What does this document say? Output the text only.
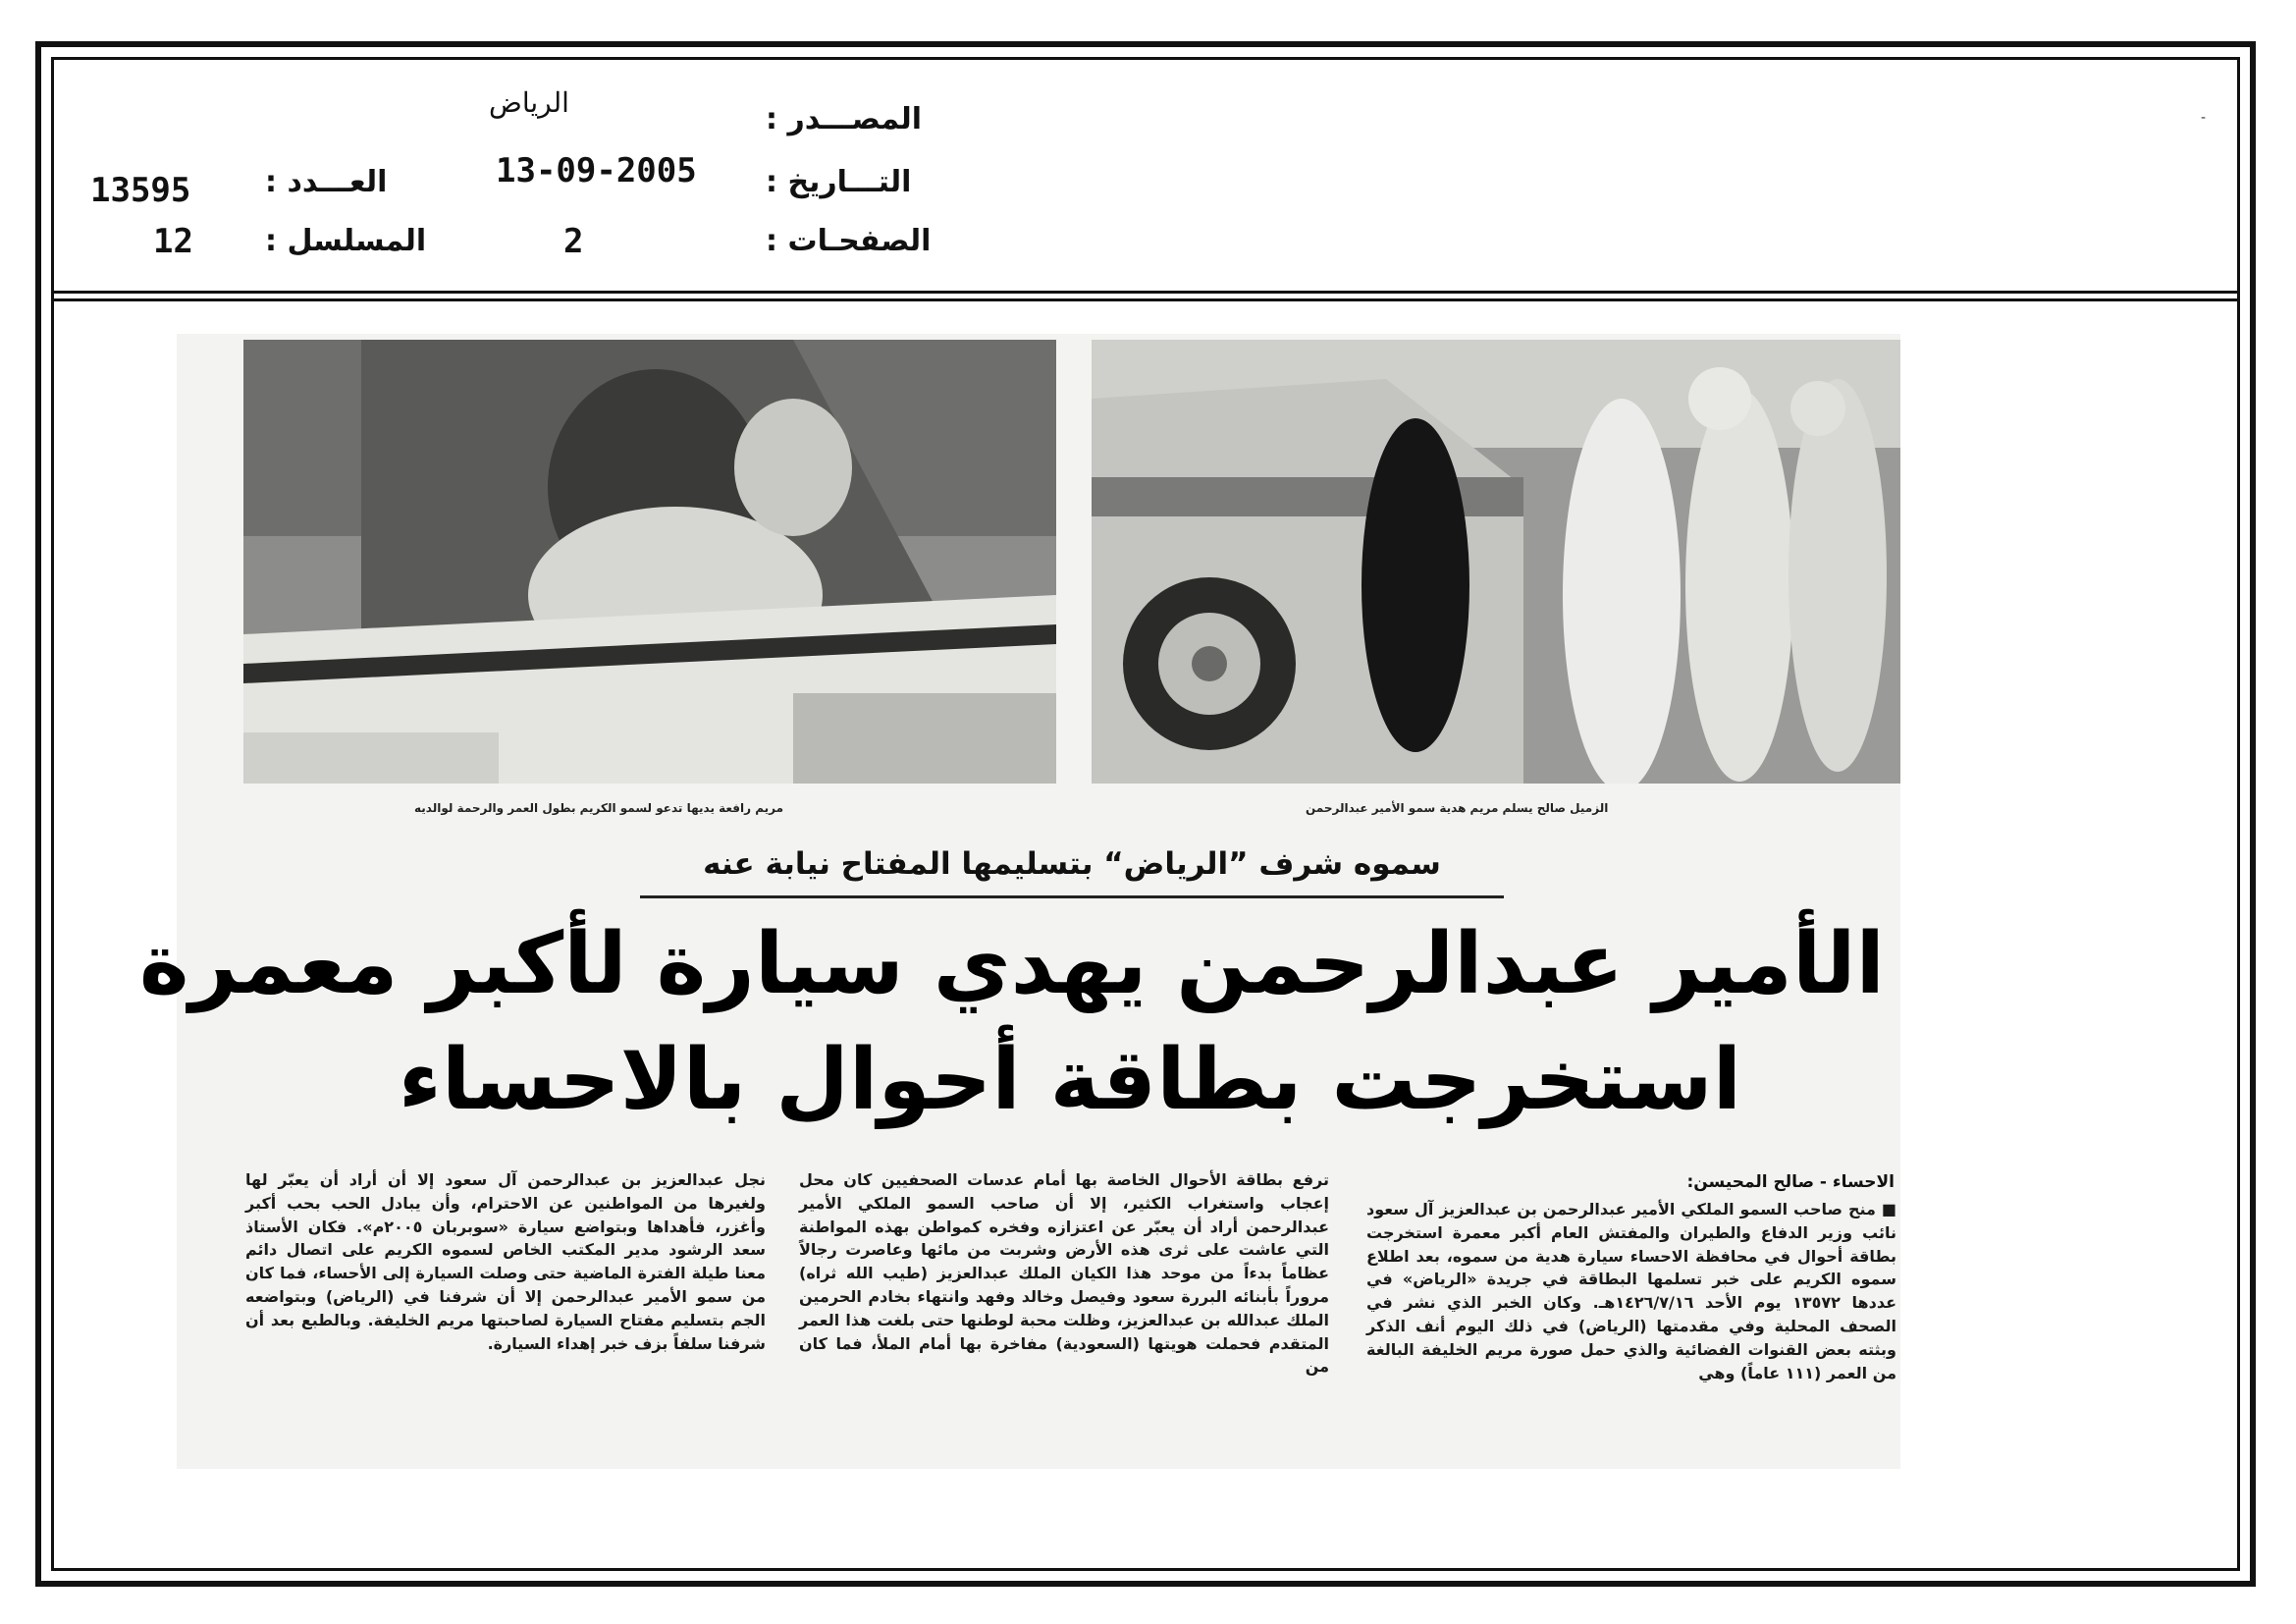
-
المصـــدر :
الرياض
التـــاريخ :
13-09-2005
الصفحـات :
2
العـــدد :
13595
المسلسل :
12
مريم رافعة يديها تدعو لسمو الكريم بطول العمر والرحمة لوالديه	الزميل صالح يسلم مريم هدية سمو الأمير عبدالرحمن
سموه شرف ”الرياض“ بتسليمها المفتاح نيابة عنه
الأمير عبدالرحمن يهدي سيارة لأكبر معمرة
استخرجت بطاقة أحوال بالاحساء
الاحساء - صالح المحيسن:
■ منح صاحب السمو الملكي الأمير عبدالرحمن بن عبدالعزيز آل سعود نائب وزير الدفاع والطيران والمفتش العام أكبر معمرة استخرجت بطاقة أحوال في محافظة الاحساء سيارة هدية من سموه، بعد اطلاع سموه الكريم على خبر تسلمها البطاقة في جريدة «الرياض» في عددها ١٣٥٧٢ يوم الأحد ١٤٢٦/٧/١٦هـ. وكان الخبر الذي نشر في الصحف المحلية وفي مقدمتها (الرياض) في ذلك اليوم أنف الذكر وبثته بعض القنوات الفضائية والذي حمل صورة مريم الخليفة البالغة من العمر (١١١ عاماً) وهي
ترفع بطاقة الأحوال الخاصة بها أمام عدسات الصحفيين كان محل إعجاب واستغراب الكثير، إلا أن صاحب السمو الملكي الأمير عبدالرحمن أراد أن يعبّر عن اعتزازه وفخره كمواطن بهذه المواطنة التي عاشت على ثرى هذه الأرض وشربت من مائها وعاصرت رجالاً عظاماً بدءاً من موحد هذا الكيان الملك عبدالعزيز (طيب الله ثراه) مروراً بأبنائه البررة سعود وفيصل وخالد وفهد وانتهاء بخادم الحرمين الملك عبدالله بن عبدالعزيز، وظلت محبة لوطنها حتى بلغت هذا العمر المتقدم فحملت هويتها (السعودية) مفاخرة بها أمام الملأ، فما كان من
نجل عبدالعزيز بن عبدالرحمن آل سعود إلا أن أراد أن يعبّر لها ولغيرها من المواطنين عن الاحترام، وأن يبادل الحب بحب أكبر وأغزر، فأهداها وبتواضع سيارة «سوبربان ٢٠٠٥م». فكان الأستاذ سعد الرشود مدير المكتب الخاص لسموه الكريم على اتصال دائم معنا طيلة الفترة الماضية حتى وصلت السيارة إلى الأحساء، فما كان من سمو الأمير عبدالرحمن إلا أن شرفنا في (الرياض) وبتواضعه الجم بتسليم مفتاح السيارة لصاحبتها مريم الخليفة. وبالطبع بعد أن شرفنا سلفاً بزف خبر إهداء السيارة.
